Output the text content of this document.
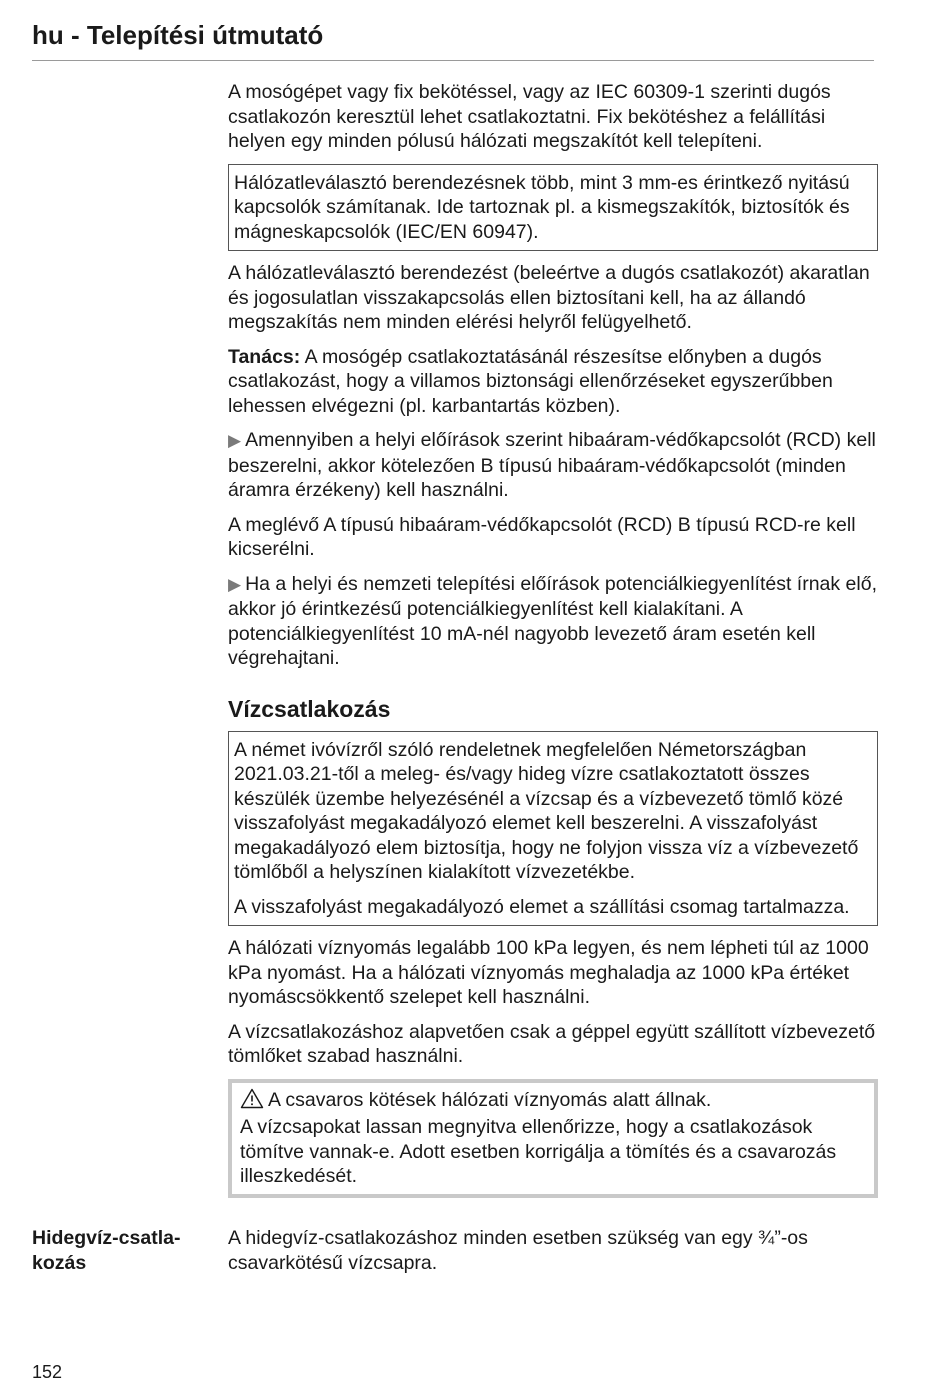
hu - Telepítési útmutató

A mosógépet vagy fix bekötéssel, vagy az IEC 60309-1 szerinti dugós csatlakozón keresztül lehet csatlakoztatni. Fix bekötéshez a felállítási helyen egy minden pólusú hálózati megszakítót kell telepíteni.

Hálózatleválasztó berendezésnek több, mint 3 mm-es érintkező nyitású kapcsolók számítanak. Ide tartoznak pl. a kismegszakítók, biztosítók és mágneskapcsolók (IEC/EN 60947).

A hálózatleválasztó berendezést (beleértve a dugós csatlakozót) akaratlan és jogosulatlan visszakapcsolás ellen biztosítani kell, ha az állandó megszakítás nem minden elérési helyről felügyelhető.

Tanács: A mosógép csatlakoztatásánál részesítse előnyben a dugós csatlakozást, hogy a villamos biztonsági ellenőrzéseket egyszerűbben lehessen elvégezni (pl. karbantartás közben).

▶ Amennyiben a helyi előírások szerint hibaáram-védőkapcsolót (RCD) kell beszerelni, akkor kötelezően B típusú hibaáram-védőkapcsolót (minden áramra érzékeny) kell használni.

A meglévő A típusú hibaáram-védőkapcsolót (RCD) B típusú RCD-re kell kicserélni.

▶ Ha a helyi és nemzeti telepítési előírások potenciálkiegyenlítést írnak elő, akkor jó érintkezésű potenciálkiegyenlítést kell kialakítani. A potenciálkiegyenlítést 10 mA-nél nagyobb levezető áram esetén kell végrehajtani.

Vízcsatlakozás

A német ivóvízről szóló rendeletnek megfelelően Németországban 2021.03.21-től a meleg- és/vagy hideg vízre csatlakoztatott összes készülék üzembe helyezésénél a vízcsap és a vízbevezető tömlő közé visszafolyást megakadályozó elemet kell beszerelni. A visszafolyást megakadályozó elem biztosítja, hogy ne folyjon vissza víz a vízbevezető tömlőből a helyszínen kialakított vízvezetékbe.

A visszafolyást megakadályozó elemet a szállítási csomag tartalmazza.

A hálózati víznyomás legalább 100 kPa legyen, és nem lépheti túl az 1000 kPa nyomást. Ha a hálózati víznyomás meghaladja az 1000 kPa értéket nyomáscsökkentő szelepet kell használni.

A vízcsatlakozáshoz alapvetően csak a géppel együtt szállított vízbevezető tömlőket szabad használni.

A csavaros kötések hálózati víznyomás alatt állnak.

A vízcsapokat lassan megnyitva ellenőrizze, hogy a csatlakozások tömítve vannak-e. Adott esetben korrigálja a tömítés és a csavarozás illeszkedését.

Hidegvíz-csatla-
kozás
A hidegvíz-csatlakozáshoz minden esetben szükség van egy ¾”-os csavarkötésű vízcsapra.
152
